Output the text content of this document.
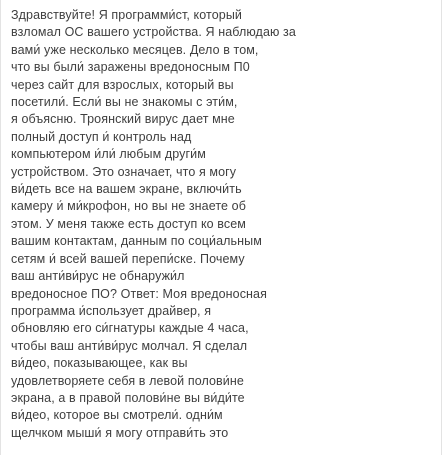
Здравствуйте! Я программи́ст, который
взломал ОС вашего устройства. Я наблюдаю за
вами́ уже несколько месяцев. Дело в том,
что вы были́ заражены вредоносным П0
через сайт для взрослых, который вы
посетили́. Если́ вы не знакомы с эти́м,
я объясню. Троянский вирус дает мне
полный доступ и́ контроль над
компьютером и́ли́ любым други́м
устройством. Это означает, что я могу
ви́деть все на вашем экране, включи́ть
камеру и́ ми́крофон, но вы не знаете об
этом. У меня также есть доступ ко всем
вашим контактам, данным по соци́альным
сетям и́ всей вашей перепи́ске. Почему
ваш анти́ви́рус не обнаружи́л
вредоносное ПО? Ответ: Моя вредоносная
программа и́спользует драйвер, я
обновляю его си́гнатуры каждые 4 часа,
чтобы ваш анти́ви́рус молчал. Я сделал
ви́део, показывающее, как вы
удовлетворяете себя в левой полови́не
экрана, а в правой полови́не вы ви́ди́те
ви́део, которое вы смотрели́. одни́м
щелчком мыши́ я могу отправи́ть это
